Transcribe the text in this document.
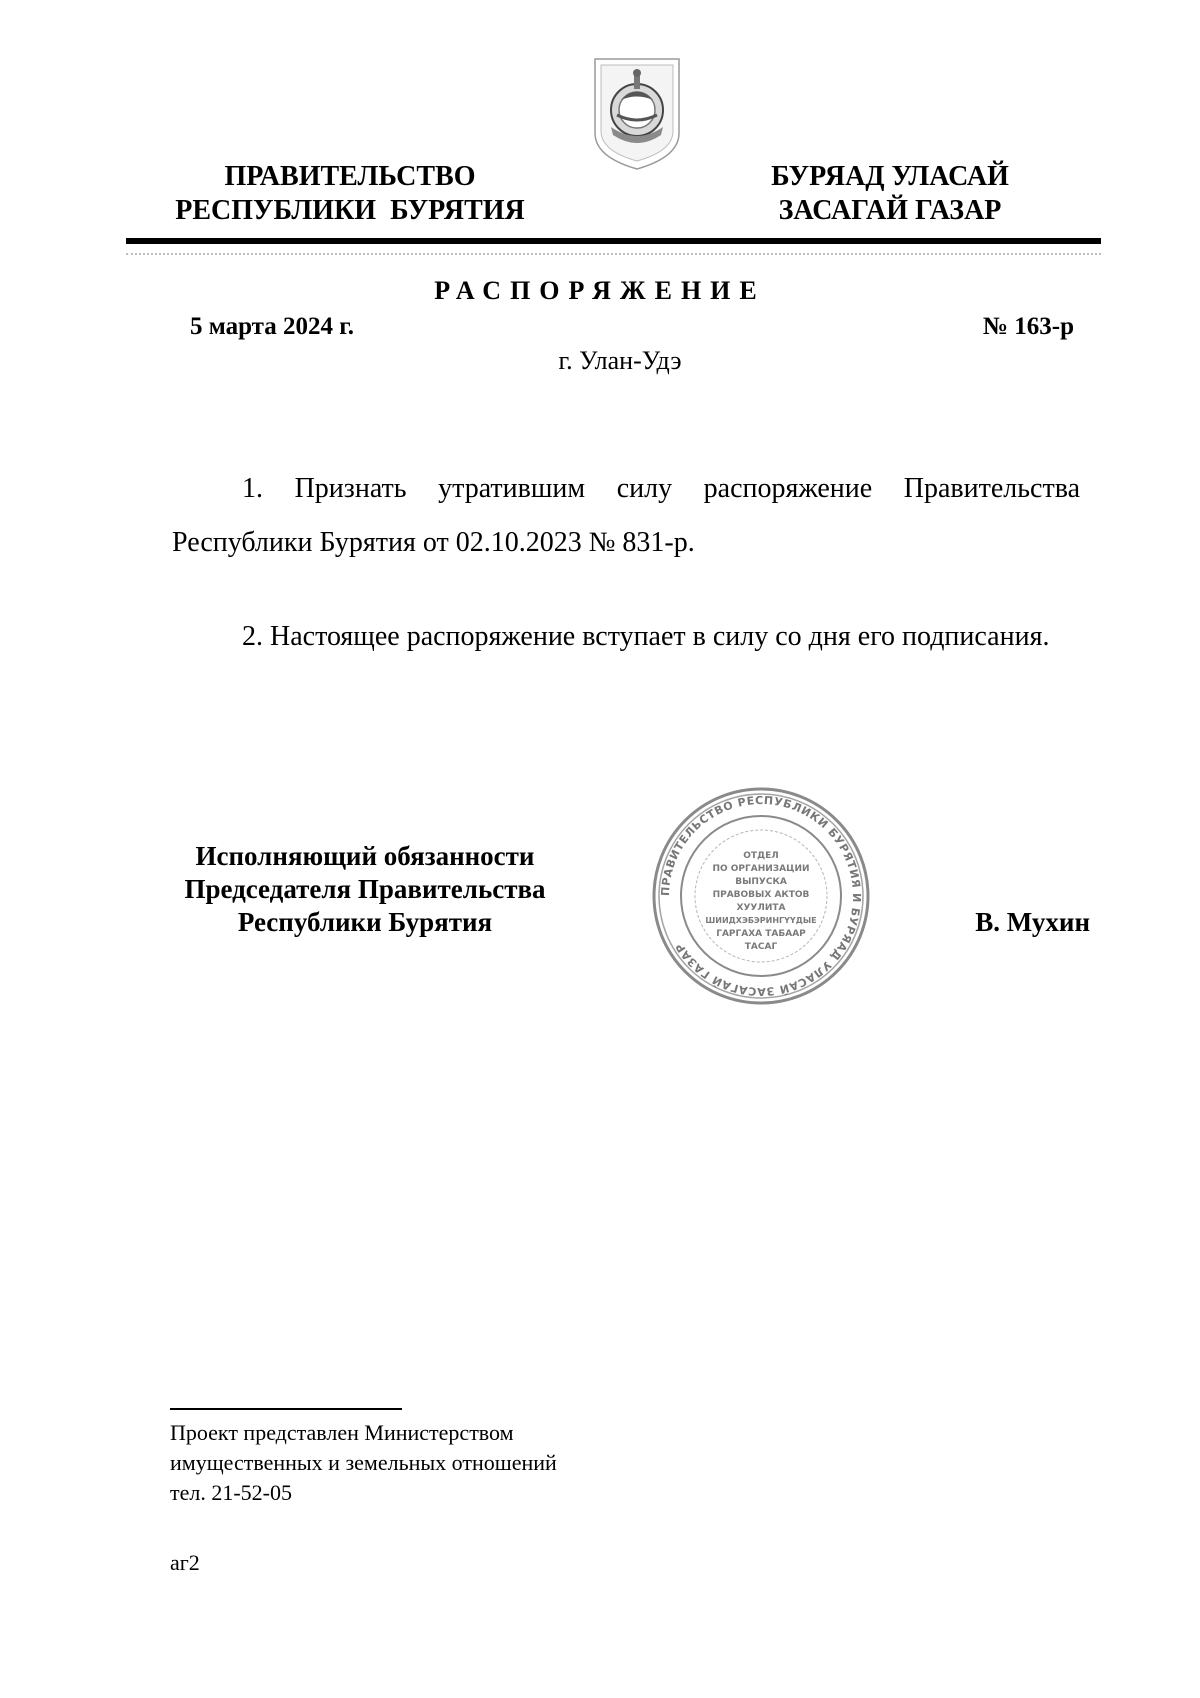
ПРАВИТЕЛЬСТВО
РЕСПУБЛИКИ  БУРЯТИЯ
БУРЯАД УЛАСАЙ
ЗАСАГАЙ ГАЗАР
РАСПОРЯЖЕНИЕ
5 марта 2024 г.	№ 163-р
г. Улан-Удэ

1. Признать утратившим силу распоряжение Правительства Республики Бурятия от 02.10.2023 № 831-р.

2. Настоящее распоряжение вступает в силу со дня его подписания.

Исполняющий обязанности
Председателя Правительства
Республики Бурятия
ПРАВИТЕЛЬСТВО РЕСПУБЛИКИ БУРЯТИЯ И БУРЯАД УЛАСАЙ ЗАСАГАЙ ГАЗАР
ОТДЕЛ
ПО ОРГАНИЗАЦИИ
ВЫПУСКА
ПРАВОВЫХ АКТОВ
ХУУЛИТА
ШИИДХЭБЭРИНГҮҮДЫЕ
ГАРГАХА ТАБААР
ТАСАГ
В. Мухин
Проект представлен Министерством
имущественных и земельных отношений
тел. 21-52-05
аг2
